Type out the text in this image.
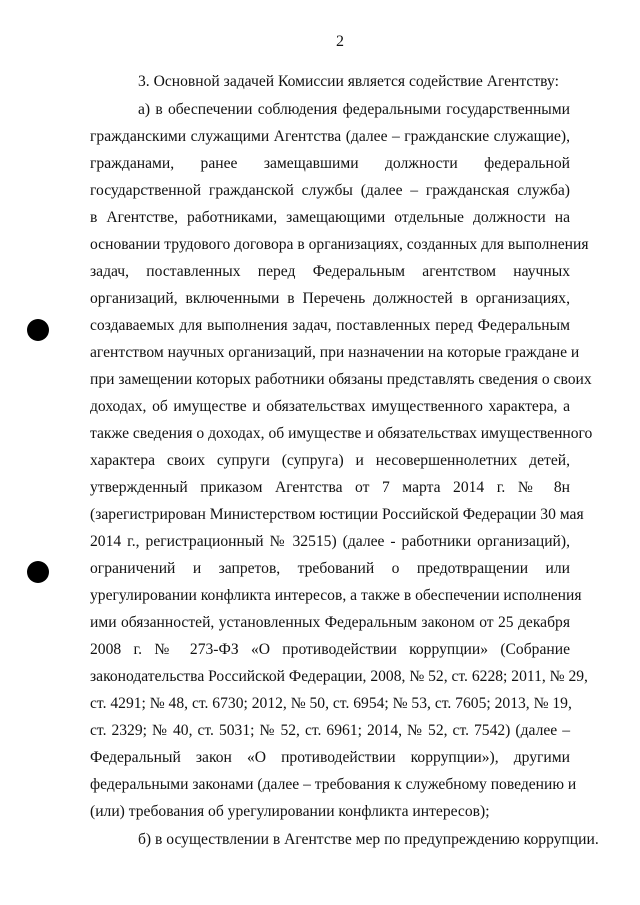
2
3. Основной задачей Комиссии является содействие Агентству:
а) в обеспечении соблюдения федеральными государственными
гражданскими служащими Агентства (далее – гражданские служащие),
гражданами, ранее замещавшими должности федеральной
государственной гражданской службы (далее – гражданская служба)
в Агентстве, работниками, замещающими отдельные должности на
основании трудового договора в организациях, созданных для выполнения
задач, поставленных перед Федеральным агентством научных
организаций, включенными в Перечень должностей в организациях,
создаваемых для выполнения задач, поставленных перед Федеральным
агентством научных организаций, при назначении на которые граждане и
при замещении которых работники обязаны представлять сведения о своих
доходах, об имуществе и обязательствах имущественного характера, а
также сведения о доходах, об имуществе и обязательствах имущественного
характера своих супруги (супруга) и несовершеннолетних детей,
утвержденный приказом Агентства от 7 марта 2014 г. № 8н
(зарегистрирован Министерством юстиции Российской Федерации 30 мая
2014 г., регистрационный № 32515) (далее - работники организаций),
ограничений и запретов, требований о предотвращении или
урегулировании конфликта интересов, а также в обеспечении исполнения
ими обязанностей, установленных Федеральным законом от 25 декабря
2008 г. № 273-ФЗ «О противодействии коррупции» (Собрание
законодательства Российской Федерации, 2008, № 52, ст. 6228; 2011, № 29,
ст. 4291; № 48, ст. 6730; 2012, № 50, ст. 6954; № 53, ст. 7605; 2013, № 19,
ст. 2329; № 40, ст. 5031; № 52, ст. 6961; 2014, № 52, ст. 7542) (далее –
Федеральный закон «О противодействии коррупции»), другими
федеральными законами (далее – требования к служебному поведению и
(или) требования об урегулировании конфликта интересов);
б) в осуществлении в Агентстве мер по предупреждению коррупции.
